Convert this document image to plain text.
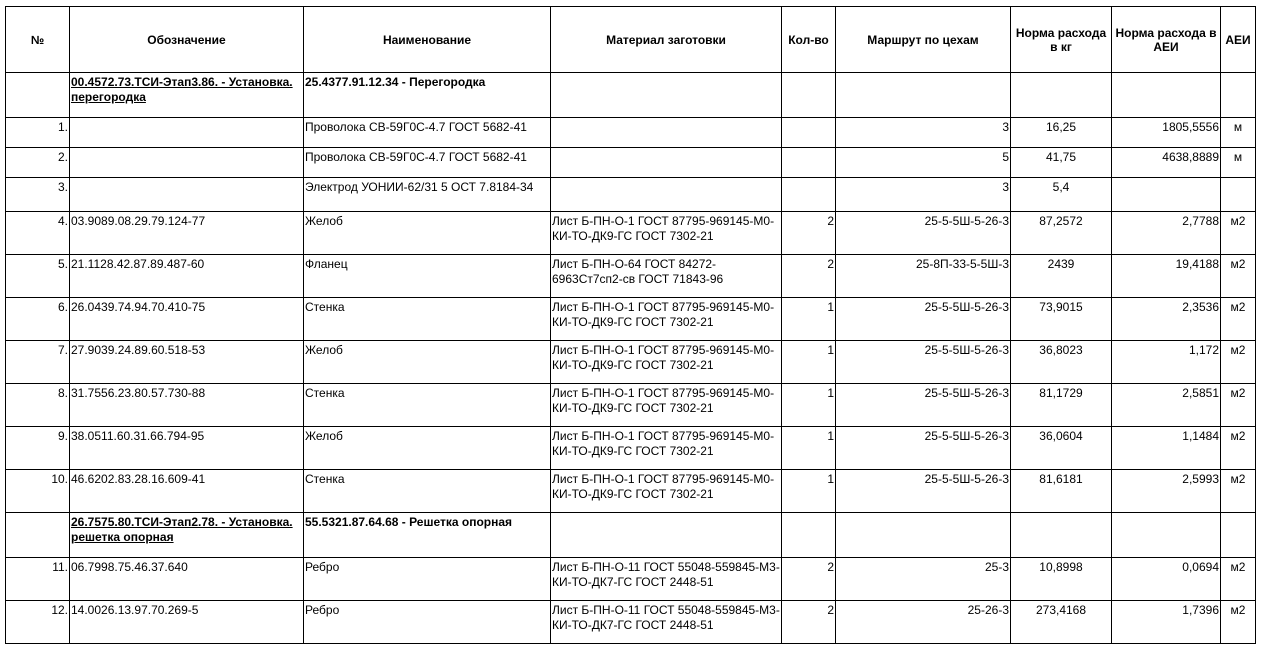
№	Обозначение	Наименование	Материал заготовки	Кол-во	Маршрут по цехам	Норма расхода в кг	Норма расхода в АЕИ	АЕИ
	00.4572.73.ТСИ-Этап3.86. - Установка. перегородка	25.4377.91.12.34 - Перегородка						
1.		Проволока СВ-59Г0С-4.7 ГОСТ 5682-41			3	16,25	1805,5556	м
2.		Проволока СВ-59Г0С-4.7 ГОСТ 5682-41			5	41,75	4638,8889	м
3.		Электрод УОНИИ-62/31 5 ОСТ 7.8184-34			3	5,4		
4.	03.9089.08.29.79.124-77	Желоб	Лист Б-ПН-О-1 ГОСТ 87795-969145-М0-КИ-ТО-ДК9-ГС ГОСТ 7302-21	2	25-5-5Ш-5-26-3	87,2572	2,7788	м2
5.	21.1128.42.87.89.487-60	Фланец	Лист Б-ПН-О-64 ГОСТ 84272-6963Ст7сп2-св ГОСТ 71843-96	2	25-8П-33-5-5Ш-3	2439	19,4188	м2
6.	26.0439.74.94.70.410-75	Стенка	Лист Б-ПН-О-1 ГОСТ 87795-969145-М0-КИ-ТО-ДК9-ГС ГОСТ 7302-21	1	25-5-5Ш-5-26-3	73,9015	2,3536	м2
7.	27.9039.24.89.60.518-53	Желоб	Лист Б-ПН-О-1 ГОСТ 87795-969145-М0-КИ-ТО-ДК9-ГС ГОСТ 7302-21	1	25-5-5Ш-5-26-3	36,8023	1,172	м2
8.	31.7556.23.80.57.730-88	Стенка	Лист Б-ПН-О-1 ГОСТ 87795-969145-М0-КИ-ТО-ДК9-ГС ГОСТ 7302-21	1	25-5-5Ш-5-26-3	81,1729	2,5851	м2
9.	38.0511.60.31.66.794-95	Желоб	Лист Б-ПН-О-1 ГОСТ 87795-969145-М0-КИ-ТО-ДК9-ГС ГОСТ 7302-21	1	25-5-5Ш-5-26-3	36,0604	1,1484	м2
10.	46.6202.83.28.16.609-41	Стенка	Лист Б-ПН-О-1 ГОСТ 87795-969145-М0-КИ-ТО-ДК9-ГС ГОСТ 7302-21	1	25-5-5Ш-5-26-3	81,6181	2,5993	м2
	26.7575.80.ТСИ-Этап2.78. - Установка. решетка опорная	55.5321.87.64.68 - Решетка опорная						
11.	06.7998.75.46.37.640	Ребро	Лист Б-ПН-О-11 ГОСТ 55048-559845-М3-КИ-ТО-ДК7-ГС ГОСТ 2448-51	2	25-3	10,8998	0,0694	м2
12.	14.0026.13.97.70.269-5	Ребро	Лист Б-ПН-О-11 ГОСТ 55048-559845-М3-КИ-ТО-ДК7-ГС ГОСТ 2448-51	2	25-26-3	273,4168	1,7396	м2
